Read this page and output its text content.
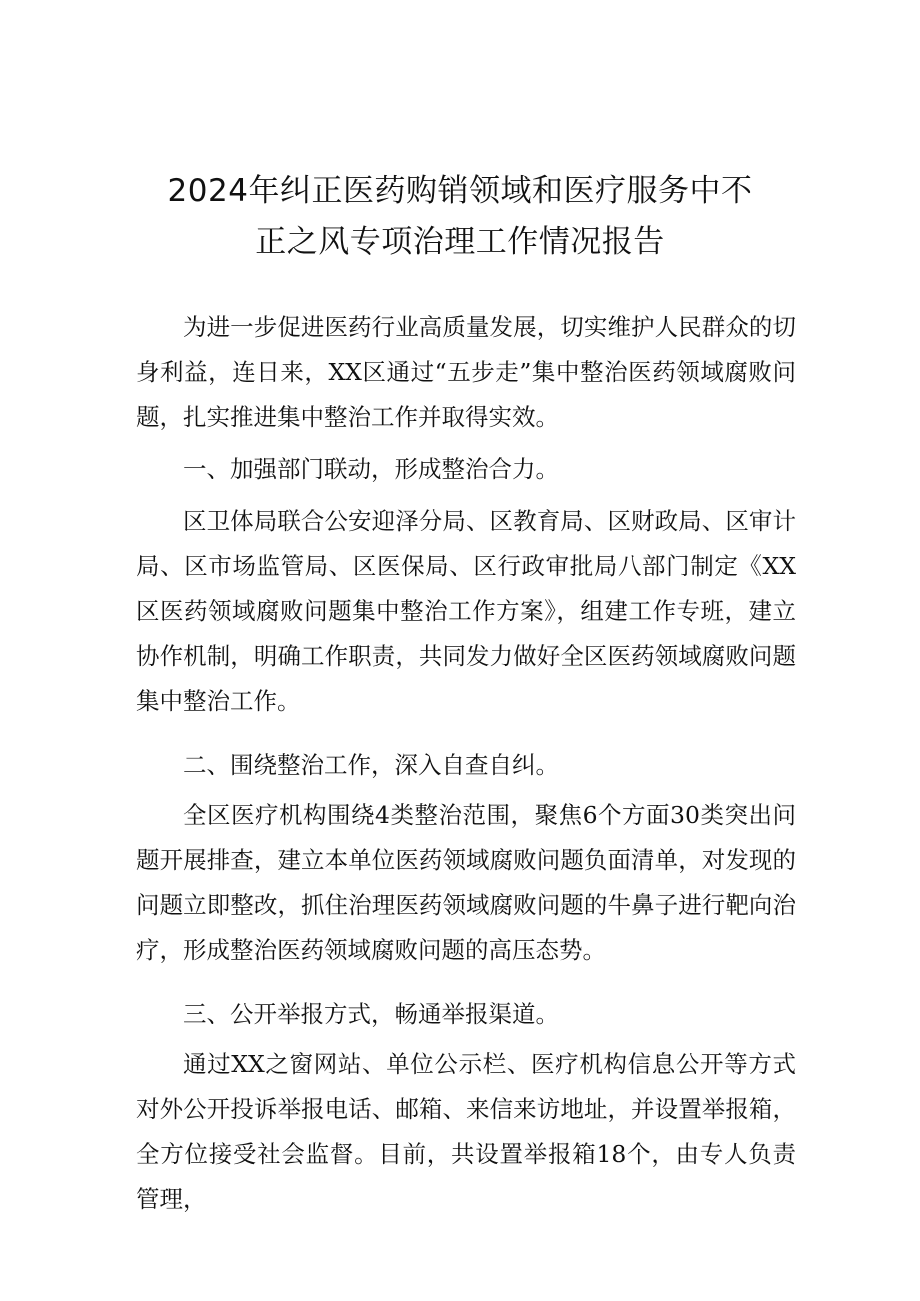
2024年纠正医药购销领域和医疗服务中不
正之风专项治理工作情况报告

为进一步促进医药行业高质量发展，切实维护人民群众的切身利益，连日来，XX区通过“五步走”集中整治医药领域腐败问题，扎实推进集中整治工作并取得实效。

一、加强部门联动，形成整治合力。

区卫体局联合公安迎泽分局、区教育局、区财政局、区审计局、区市场监管局、区医保局、区行政审批局八部门制定《XX区医药领域腐败问题集中整治工作方案》，组建工作专班，建立协作机制，明确工作职责，共同发力做好全区医药领域腐败问题集中整治工作。

二、围绕整治工作，深入自查自纠。

全区医疗机构围绕4类整治范围，聚焦6个方面30类突出问题开展排查，建立本单位医药领域腐败问题负面清单，对发现的问题立即整改，抓住治理医药领域腐败问题的牛鼻子进行靶向治疗，形成整治医药领域腐败问题的高压态势。

三、公开举报方式，畅通举报渠道。

通过XX之窗网站、单位公示栏、医疗机构信息公开等方式对外公开投诉举报电话、邮箱、来信来访地址，并设置举报箱，全方位接受社会监督。目前，共设置举报箱18个，由专人负责管理，
